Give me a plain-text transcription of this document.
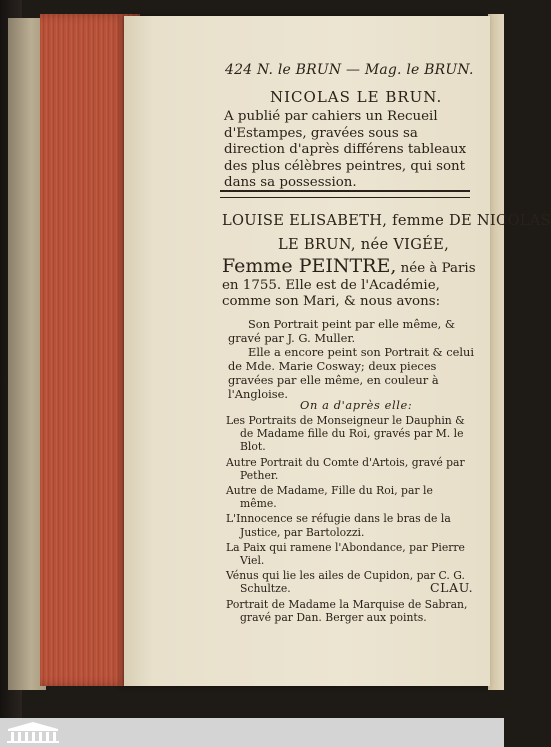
424 N. le BRUN — Mag. le BRUN.
NICOLAS LE BRUN.
A publié par cahiers un Recueil d'Estampes, gravées sous sa direction d'après différens tableaux des plus célèbres peintres, qui sont dans sa possession.
LOUISE ELISABETH, femme DE NICOLAS
LE BRUN, née VIGÉE,
Femme PEINTRE, née à Paris en 1755. Elle est de l'Académie, comme son Mari, & nous avons:
Son Portrait peint par elle même, & gravé par J. G. Muller.
Elle a encore peint son Portrait & celui de Mde. Marie Cosway; deux pieces gravées par elle même, en couleur à l'Angloise.
On a d'après elle:
Les Portraits de Monseigneur le Dauphin & de Madame fille du Roi, gravés par M. le Blot.
Autre Portrait du Comte d'Artois, gravé par Pether.
Autre de Madame, Fille du Roi, par le même.
L'Innocence se réfugie dans le bras de la Justice, par Bartolozzi.
La Paix qui ramene l'Abondance, par Pierre Viel.
Vénus qui lie les ailes de Cupidon, par C. G. Schultze.
Portrait de Madame la Marquise de Sabran, gravé par Dan. Berger aux points.
CLAU.
